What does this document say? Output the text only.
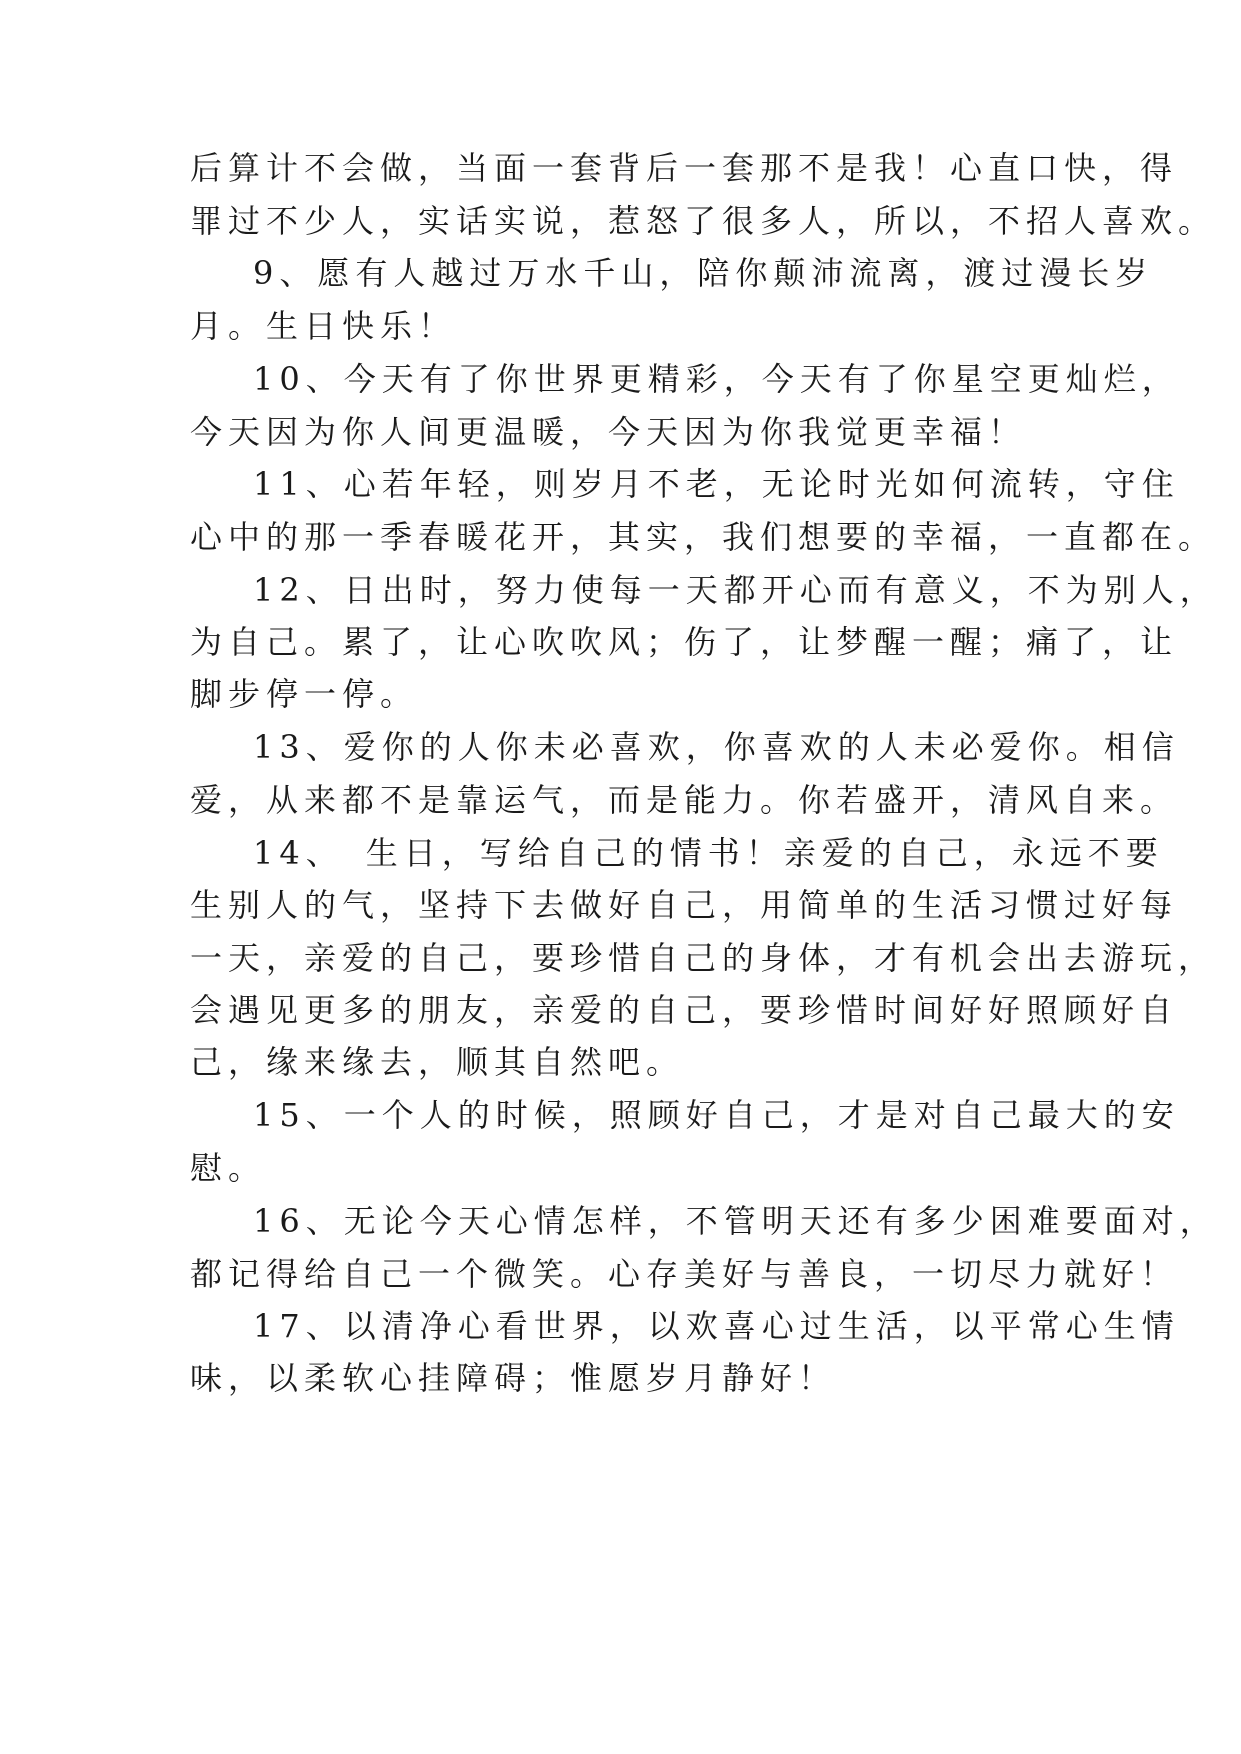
后算计不会做，当面一套背后一套那不是我！心直口快，得
罪过不少人，实话实说，惹怒了很多人，所以，不招人喜欢。
9、愿有人越过万水千山，陪你颠沛流离，渡过漫长岁
月。生日快乐！
10、今天有了你世界更精彩，今天有了你星空更灿烂，
今天因为你人间更温暖，今天因为你我觉更幸福！
11、心若年轻，则岁月不老，无论时光如何流转，守住
心中的那一季春暖花开，其实，我们想要的幸福，一直都在。
12、日出时，努力使每一天都开心而有意义，不为别人，
为自己。累了，让心吹吹风；伤了，让梦醒一醒；痛了，让
脚步停一停。
13、爱你的人你未必喜欢，你喜欢的人未必爱你。相信
爱，从来都不是靠运气，而是能力。你若盛开，清风自来。
14、　生日，写给自己的情书！亲爱的自己，永远不要
生别人的气，坚持下去做好自己，用简单的生活习惯过好每
一天，亲爱的自己，要珍惜自己的身体，才有机会出去游玩，
会遇见更多的朋友，亲爱的自己，要珍惜时间好好照顾好自
己，缘来缘去，顺其自然吧。
15、一个人的时候，照顾好自己，才是对自己最大的安
慰。
16、无论今天心情怎样，不管明天还有多少困难要面对，
都记得给自己一个微笑。心存美好与善良，一切尽力就好！
17、以清净心看世界，以欢喜心过生活，以平常心生情
味，以柔软心挂障碍；惟愿岁月静好！
